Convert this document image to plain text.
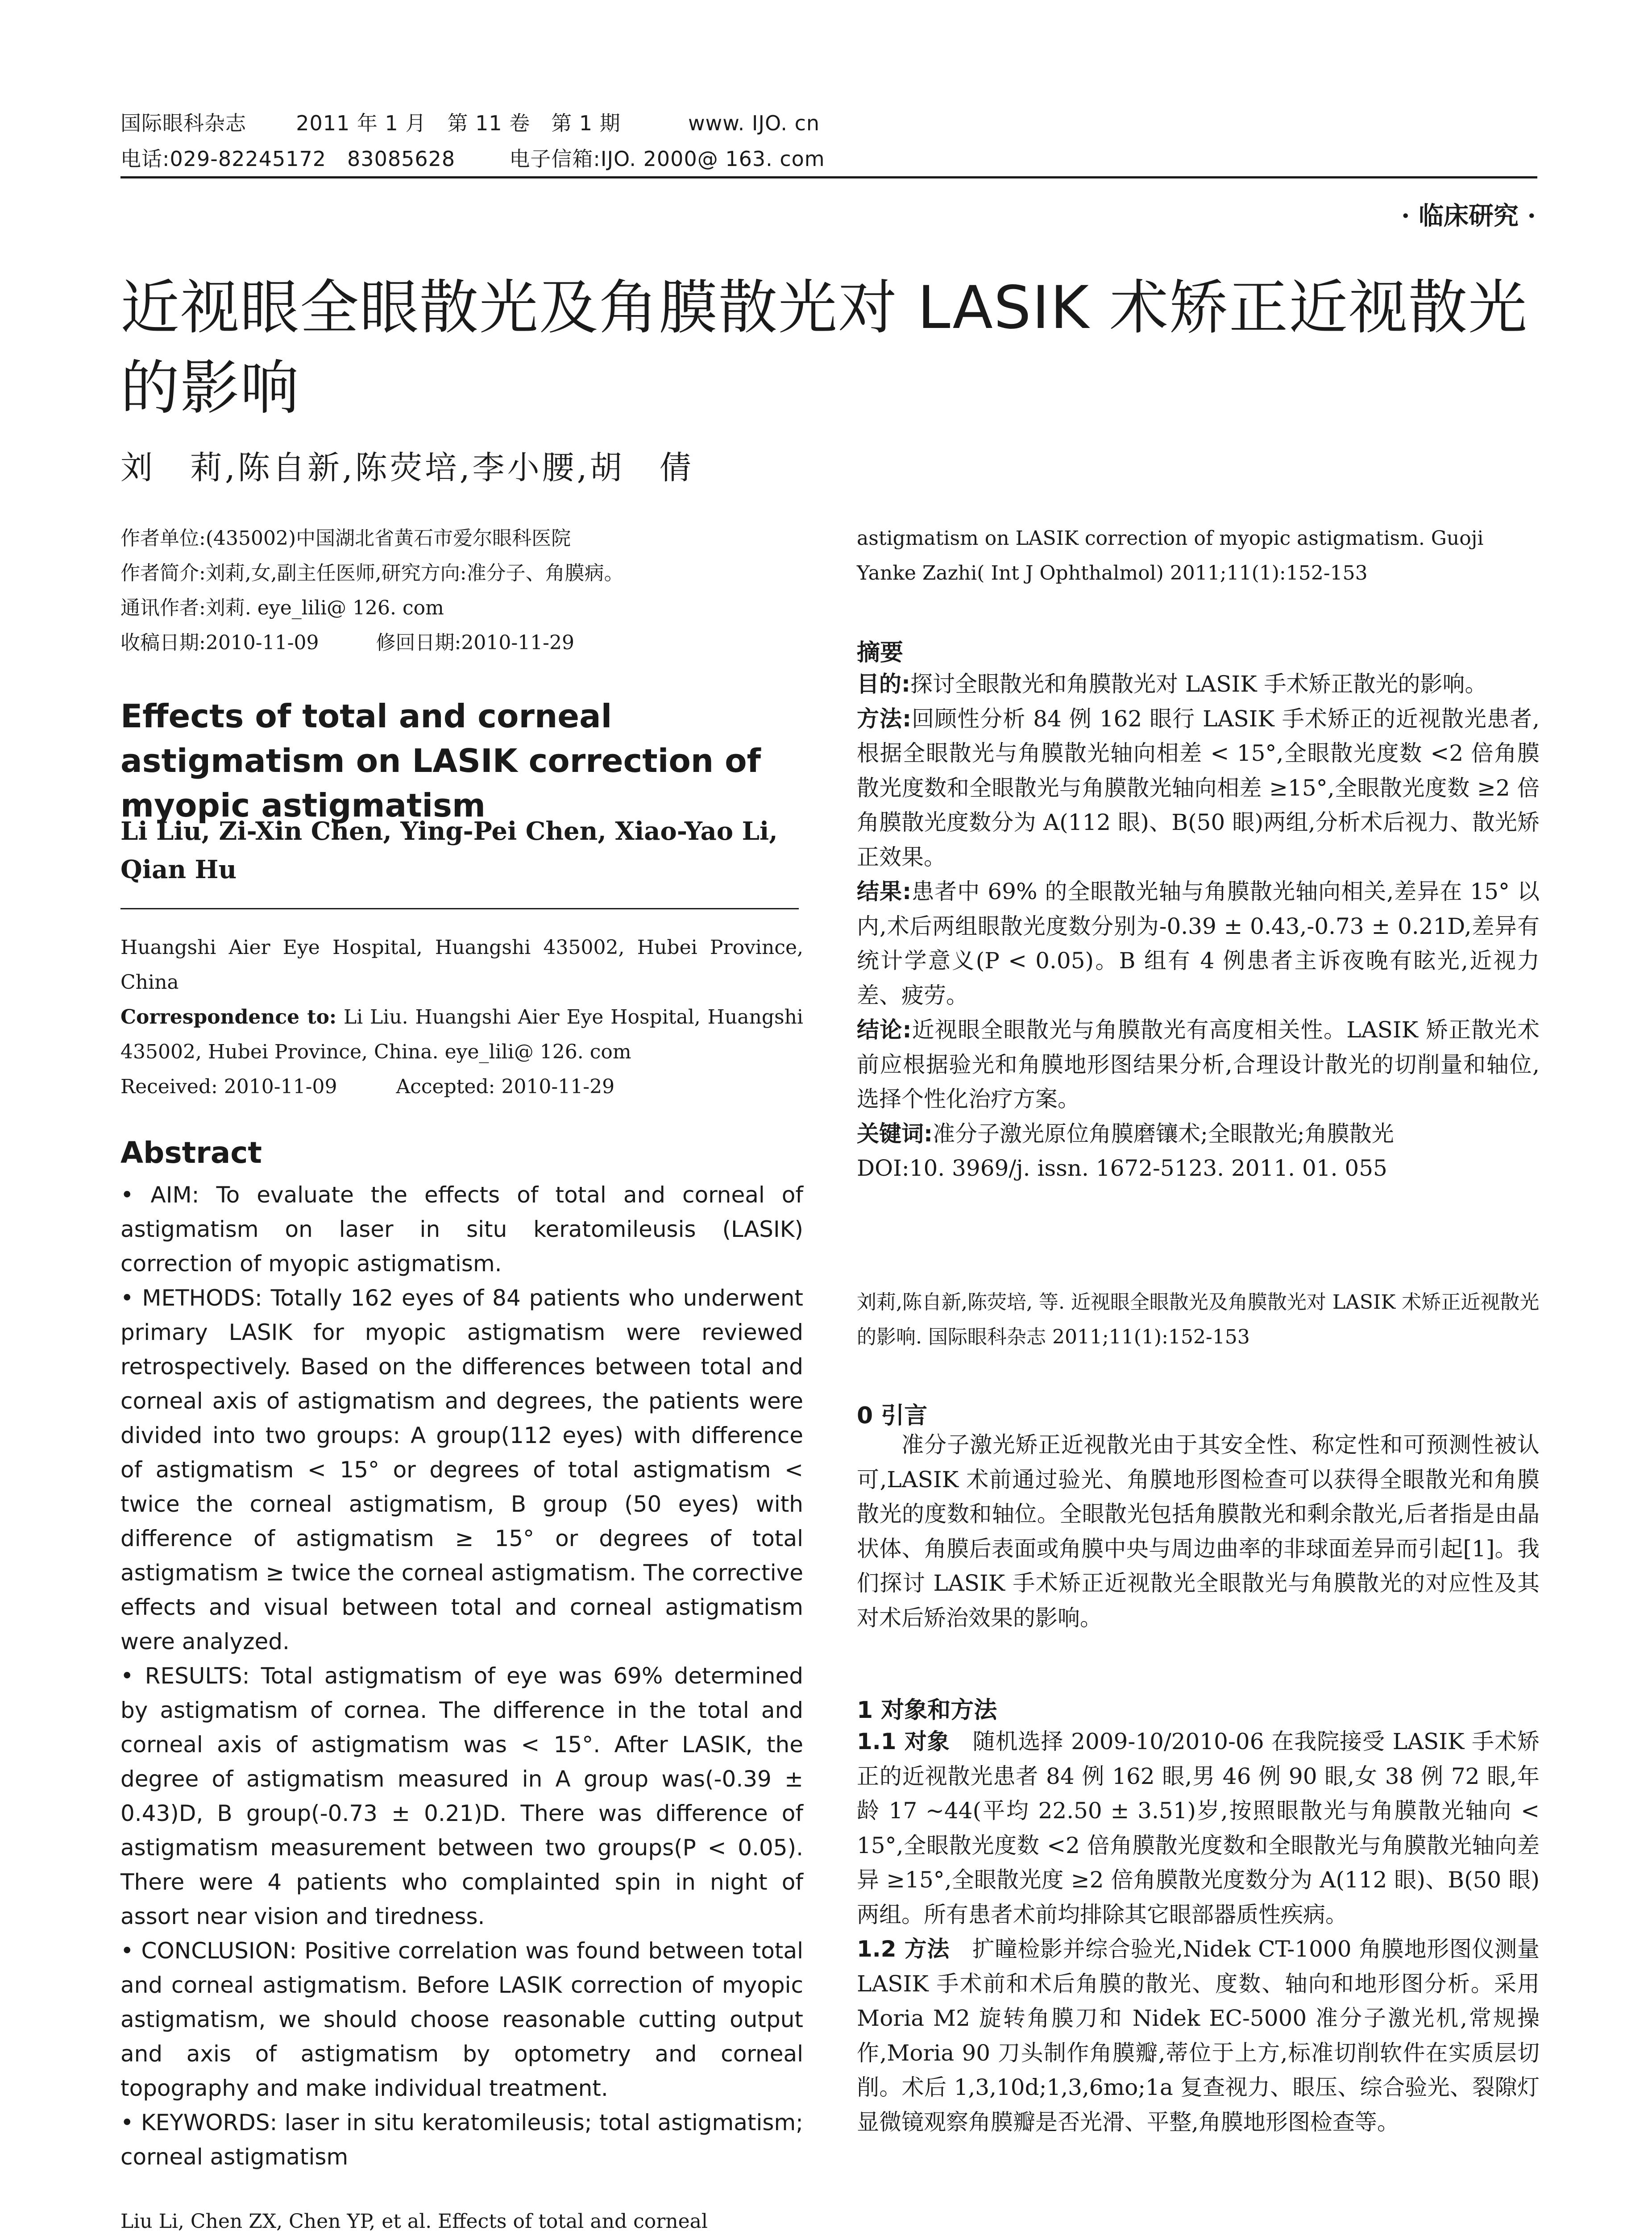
国际眼科杂志 2011 年 1 月　第 11 卷　第 1 期	www. IJO. cn
电话:029-82245172　83085628	电子信箱:IJO. 2000@ 163. com
· 临床研究 ·
近视眼全眼散光及角膜散光对 LASIK 术矫正近视散光的影响
刘　莉,陈自新,陈荧培,李小腰,胡　倩
作者单位:(435002)中国湖北省黄石市爱尔眼科医院
作者简介:刘莉,女,副主任医师,研究方向:准分子、角膜病。
通讯作者:刘莉. eye_lili@ 126. com
收稿日期:2010-11-09	修回日期:2010-11-29
Effects of total and corneal astigmatism on LASIK correction of myopic astigmatism
Li Liu, Zi-Xin Chen, Ying-Pei Chen, Xiao-Yao Li, Qian Hu
Huangshi Aier Eye Hospital, Huangshi 435002, Hubei Province, China
Correspondence to: Li Liu. Huangshi Aier Eye Hospital, Huangshi 435002, Hubei Province, China. eye_lili@ 126. com
Received: 2010-11-09　　　Accepted: 2010-11-29
Abstract

• AIM: To evaluate the effects of total and corneal of astigmatism on laser in situ keratomileusis (LASIK) correction of myopic astigmatism.

• METHODS: Totally 162 eyes of 84 patients who underwent primary LASIK for myopic astigmatism were reviewed retrospectively. Based on the differences between total and corneal axis of astigmatism and degrees, the patients were divided into two groups: A group(112 eyes) with difference of astigmatism < 15° or degrees of total astigmatism < twice the corneal astigmatism, B group (50 eyes) with difference of astigmatism ≥ 15° or degrees of total astigmatism ≥ twice the corneal astigmatism. The corrective effects and visual between total and corneal astigmatism were analyzed.

• RESULTS: Total astigmatism of eye was 69% determined by astigmatism of cornea. The difference in the total and corneal axis of astigmatism was < 15°. After LASIK, the degree of astigmatism measured in A group was(-0.39 ± 0.43)D, B group(-0.73 ± 0.21)D. There was difference of astigmatism measurement between two groups(P < 0.05). There were 4 patients who complainted spin in night of assort near vision and tiredness.

• CONCLUSION: Positive correlation was found between total and corneal astigmatism. Before LASIK correction of myopic astigmatism, we should choose reasonable cutting output and axis of astigmatism by optometry and corneal topography and make individual treatment.

• KEYWORDS: laser in situ keratomileusis; total astigmatism; corneal astigmatism

Liu Li, Chen ZX, Chen YP, et al. Effects of total and corneal
astigmatism on LASIK correction of myopic astigmatism. Guoji Yanke Zazhi( Int J Ophthalmol) 2011;11(1):152-153
摘要

目的:探讨全眼散光和角膜散光对 LASIK 手术矫正散光的影响。

方法:回顾性分析 84 例 162 眼行 LASIK 手术矫正的近视散光患者,根据全眼散光与角膜散光轴向相差 < 15°,全眼散光度数 <2 倍角膜散光度数和全眼散光与角膜散光轴向相差 ≥15°,全眼散光度数 ≥2 倍角膜散光度数分为 A(112 眼)、B(50 眼)两组,分析术后视力、散光矫正效果。

结果:患者中 69% 的全眼散光轴与角膜散光轴向相关,差异在 15° 以内,术后两组眼散光度数分别为-0.39 ± 0.43,-0.73 ± 0.21D,差异有统计学意义(P < 0.05)。B 组有 4 例患者主诉夜晚有眩光,近视力差、疲劳。

结论:近视眼全眼散光与角膜散光有高度相关性。LASIK 矫正散光术前应根据验光和角膜地形图结果分析,合理设计散光的切削量和轴位,选择个性化治疗方案。

关键词:准分子激光原位角膜磨镶术;全眼散光;角膜散光

DOI:10. 3969/j. issn. 1672-5123. 2011. 01. 055

刘莉,陈自新,陈荧培, 等. 近视眼全眼散光及角膜散光对 LASIK 术矫正近视散光的影响. 国际眼科杂志 2011;11(1):152-153
0 引言

准分子激光矫正近视散光由于其安全性、称定性和可预测性被认可,LASIK 术前通过验光、角膜地形图检查可以获得全眼散光和角膜散光的度数和轴位。全眼散光包括角膜散光和剩余散光,后者指是由晶状体、角膜后表面或角膜中央与周边曲率的非球面差异而引起[1]。我们探讨 LASIK 手术矫正近视散光全眼散光与角膜散光的对应性及其对术后矫治效果的影响。

1 对象和方法

1.1 对象　 随机选择 2009-10/2010-06 在我院接受 LASIK 手术矫正的近视散光患者 84 例 162 眼,男 46 例 90 眼,女 38 例 72 眼,年龄 17 ~44(平均 22.50 ± 3.51)岁,按照眼散光与角膜散光轴向 < 15°,全眼散光度数 <2 倍角膜散光度数和全眼散光与角膜散光轴向差异 ≥15°,全眼散光度 ≥2 倍角膜散光度数分为 A(112 眼)、B(50 眼)两组。所有患者术前均排除其它眼部器质性疾病。

1.2 方法　 扩瞳检影并综合验光,Nidek CT-1000 角膜地形图仪测量 LASIK 手术前和术后角膜的散光、度数、轴向和地形图分析。采用 Moria M2 旋转角膜刀和 Nidek EC-5000 准分子激光机,常规操作,Moria 90 刀头制作角膜瓣,蒂位于上方,标准切削软件在实质层切削。术后 1,3,10d;1,3,6mo;1a 复查视力、眼压、综合验光、裂隙灯显微镜观察角膜瓣是否光滑、平整,角膜地形图检查等。
